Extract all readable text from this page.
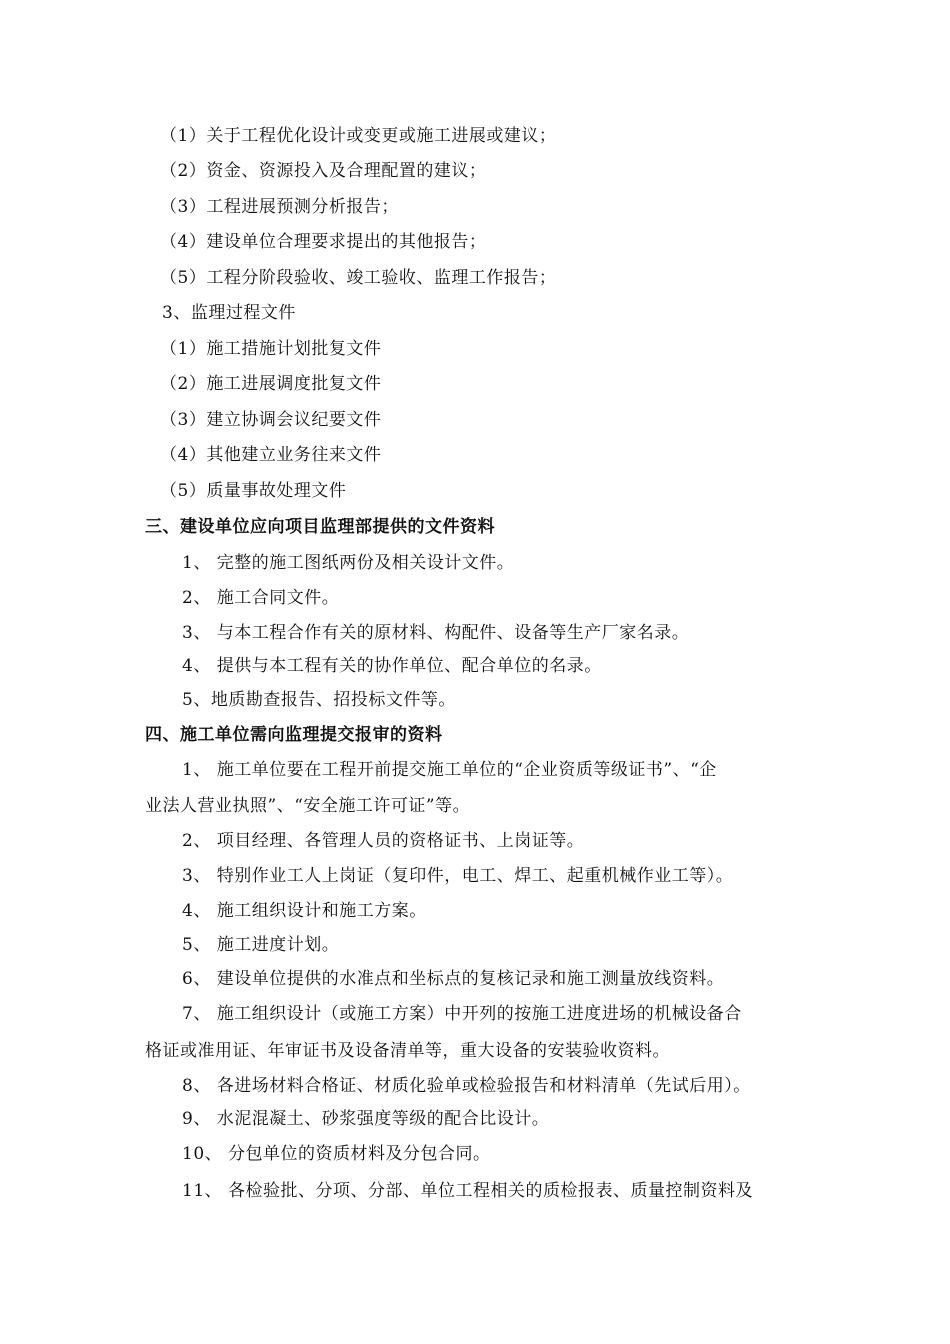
（1）关于工程优化设计或变更或施工进展或建议；
（2）资金、资源投入及合理配置的建议；
（3）工程进展预测分析报告；
（4）建设单位合理要求提出的其他报告；
（5）工程分阶段验收、竣工验收、监理工作报告；
3、监理过程文件
（1）施工措施计划批复文件
（2）施工进展调度批复文件
（3）建立协调会议纪要文件
（4）其他建立业务往来文件
（5）质量事故处理文件
三、建设单位应向项目监理部提供的文件资料
1、 完整的施工图纸两份及相关设计文件。
2、 施工合同文件。
3、 与本工程合作有关的原材料、构配件、设备等生产厂家名录。
4、 提供与本工程有关的协作单位、配合单位的名录。
5、地质勘查报告、招投标文件等。
四、施工单位需向监理提交报审的资料
1、 施工单位要在工程开前提交施工单位的“企业资质等级证书”、“企
业法人营业执照”、“安全施工许可证”等。
2、 项目经理、各管理人员的资格证书、上岗证等。
3、 特别作业工人上岗证（复印件，电工、焊工、起重机械作业工等）。
4、 施工组织设计和施工方案。
5、 施工进度计划。
6、 建设单位提供的水准点和坐标点的复核记录和施工测量放线资料。
7、 施工组织设计（或施工方案）中开列的按施工进度进场的机械设备合
格证或准用证、年审证书及设备清单等，重大设备的安装验收资料。
8、 各进场材料合格证、材质化验单或检验报告和材料清单（先试后用）。
9、 水泥混凝土、砂浆强度等级的配合比设计。
10、 分包单位的资质材料及分包合同。
11、 各检验批、分项、分部、单位工程相关的质检报表、质量控制资料及
